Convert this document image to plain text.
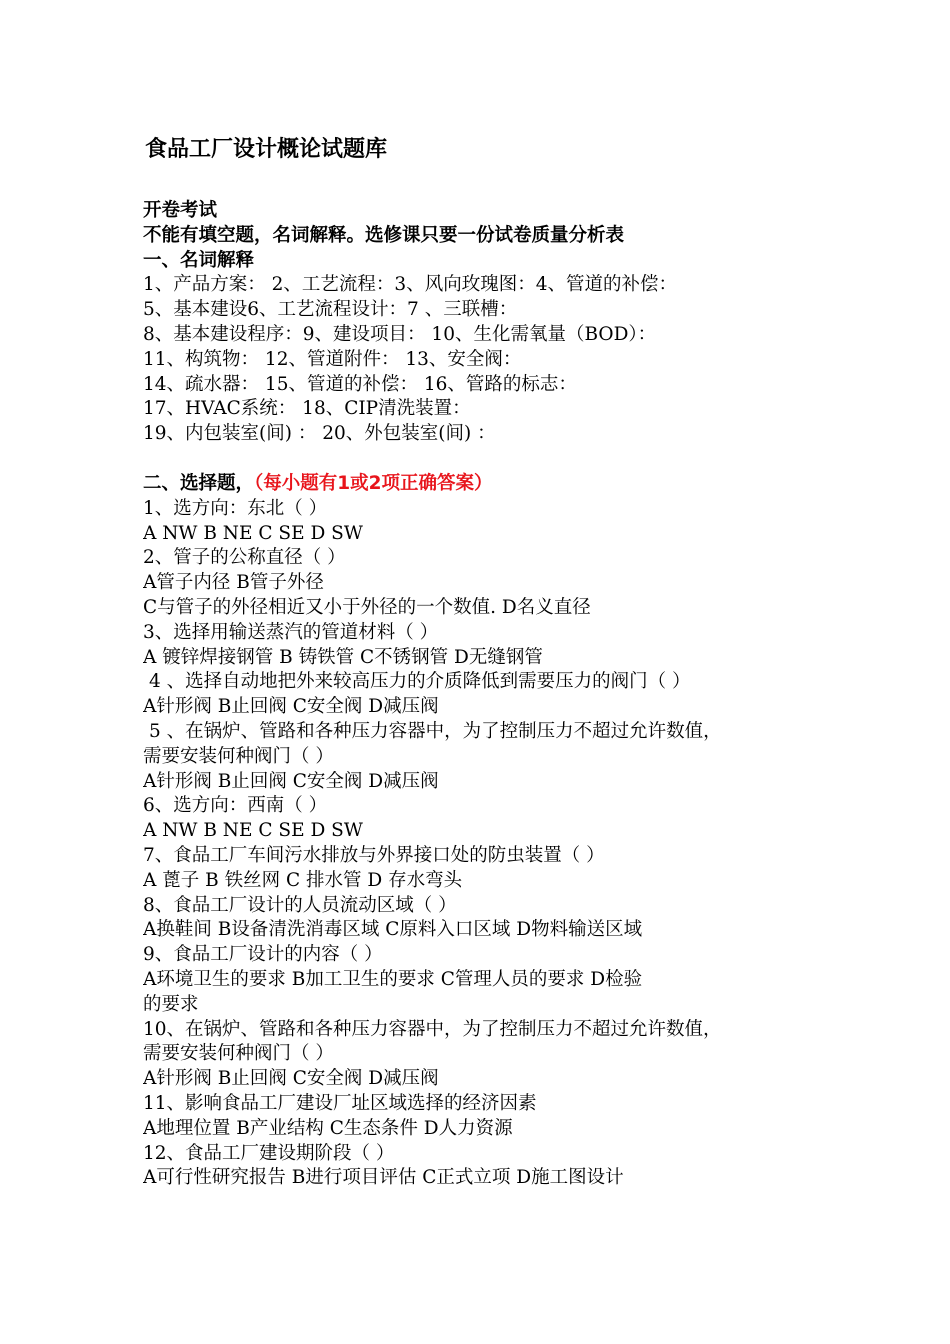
食品工厂设计概论试题库
开卷考试
不能有填空题，名词解释。选修课只要一份试卷质量分析表
一、名词解释
1、产品方案： 2、工艺流程：3、风向玫瑰图：4、管道的补偿：
5、基本建设6、工艺流程设计：7 、三联槽：
8、基本建设程序：9、建设项目： 10、生化需氧量（BOD）：
11、构筑物： 12、管道附件： 13、安全阀：
14、疏水器： 15、管道的补偿： 16、管路的标志：
17、HVAC系统： 18、CIP清洗装置：
19、内包装室(间) ： 20、外包装室(间) ：
二、选择题，（每小题有1或2项正确答案）
1、选方向：东北（ ）
A NW B NE C SE D SW
2、管子的公称直径（ ）
A管子内径 B管子外径
C与管子的外径相近又小于外径的一个数值. D名义直径
3、选择用输送蒸汽的管道材料（ ）
A 镀锌焊接钢管 B 铸铁管 C不锈钢管 D无缝钢管
4 、选择自动地把外来较高压力的介质降低到需要压力的阀门（ ）
A针形阀 B止回阀 C安全阀 D减压阀
5 、在锅炉、管路和各种压力容器中，为了控制压力不超过允许数值，
需要安装何种阀门（ ）
A针形阀 B止回阀 C安全阀 D减压阀
6、选方向：西南（ ）
A NW B NE C SE D SW
7、食品工厂车间污水排放与外界接口处的防虫装置（ ）
A 蓖子 B 铁丝网 C 排水管 D 存水弯头
8、食品工厂设计的人员流动区域（ ）
A换鞋间 B设备清洗消毒区域 C原料入口区域 D物料输送区域
9、食品工厂设计的内容（ ）
A环境卫生的要求 B加工卫生的要求 C管理人员的要求 D检验
的要求
10、在锅炉、管路和各种压力容器中，为了控制压力不超过允许数值，
需要安装何种阀门（ ）
A针形阀 B止回阀 C安全阀 D减压阀
11、影响食品工厂建设厂址区域选择的经济因素
A地理位置 B产业结构 C生态条件 D人力资源
12、食品工厂建设期阶段（ ）
A可行性研究报告 B进行项目评估 C正式立项 D施工图设计
